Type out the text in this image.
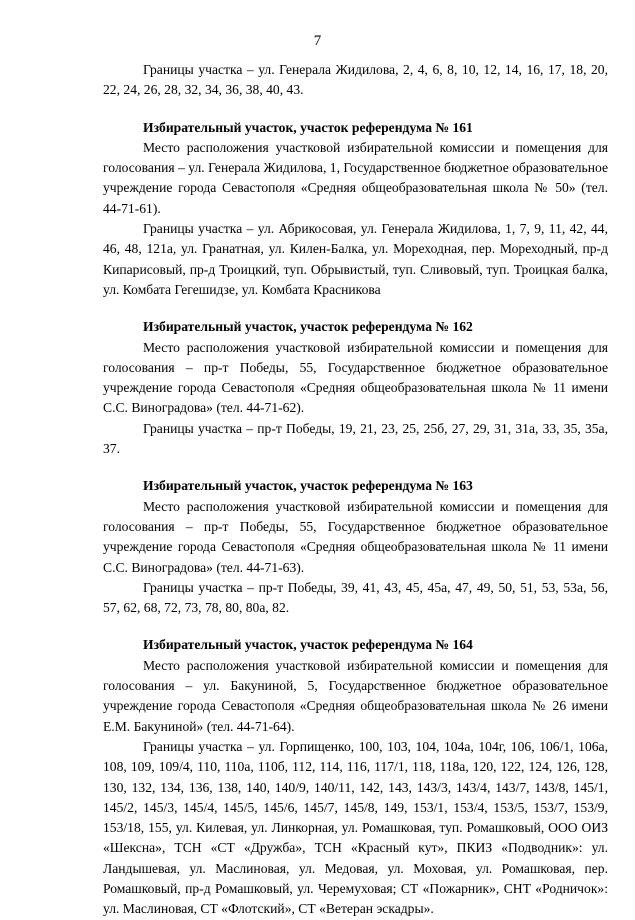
7

Границы участка – ул. Генерала Жидилова, 2, 4, 6, 8, 10, 12, 14, 16, 17, 18, 20, 22, 24, 26, 28, 32, 34, 36, 38, 40, 43.

Избирательный участок, участок референдума № 161

Место расположения участковой избирательной комиссии и помещения для голосования – ул. Генерала Жидилова, 1, Государственное бюджетное образовательное учреждение города Севастополя «Средняя общеобразовательная школа № 50» (тел. 44-71-61).

Границы участка – ул. Абрикосовая, ул. Генерала Жидилова, 1, 7, 9, 11, 42, 44, 46, 48, 121а, ул. Гранатная, ул. Килен-Балка, ул. Мореходная, пер. Мореходный, пр-д Кипарисовый, пр-д Троицкий, туп. Обрывистый, туп. Сливовый, туп. Троицкая балка, ул. Комбата Гегешидзе, ул. Комбата Красникова

Избирательный участок, участок референдума № 162

Место расположения участковой избирательной комиссии и помещения для голосования – пр-т Победы, 55, Государственное бюджетное образовательное учреждение города Севастополя «Средняя общеобразовательная школа № 11 имени С.С. Виноградова» (тел. 44-71-62).

Границы участка – пр-т Победы, 19, 21, 23, 25, 25б, 27, 29, 31, 31а, 33, 35, 35а, 37.

Избирательный участок, участок референдума № 163

Место расположения участковой избирательной комиссии и помещения для голосования – пр-т Победы, 55, Государственное бюджетное образовательное учреждение города Севастополя «Средняя общеобразовательная школа № 11 имени С.С. Виноградова» (тел. 44-71-63).

Границы участка – пр-т Победы, 39, 41, 43, 45, 45а, 47, 49, 50, 51, 53, 53а, 56, 57, 62, 68, 72, 73, 78, 80, 80а, 82.

Избирательный участок, участок референдума № 164

Место расположения участковой избирательной комиссии и помещения для голосования – ул. Бакуниной, 5, Государственное бюджетное образовательное учреждение города Севастополя «Средняя общеобразовательная школа № 26 имени Е.М. Бакуниной» (тел. 44-71-64).

Границы участка – ул. Горпищенко, 100, 103, 104, 104а, 104г, 106, 106/1, 106а, 108, 109, 109/4, 110, 110а, 110б, 112, 114, 116, 117/1, 118, 118а, 120, 122, 124, 126, 128, 130, 132, 134, 136, 138, 140, 140/9, 140/11, 142, 143, 143/3, 143/4, 143/7, 143/8, 145/1, 145/2, 145/3, 145/4, 145/5, 145/6, 145/7, 145/8, 149, 153/1, 153/4, 153/5, 153/7, 153/9, 153/18, 155, ул. Килевая, ул. Линкорная, ул. Ромашковая, туп. Ромашковый, ООО ОИЗ «Шексна», ТСН «СТ «Дружба», ТСН «Красный кут», ПКИЗ «Подводник»: ул. Ландышевая, ул. Маслиновая, ул. Медовая, ул. Моховая, ул. Ромашковая, пер. Ромашковый, пр-д Ромашковый, ул. Черемуховая; СТ «Пожарник», СНТ «Родничок»: ул. Маслиновая, СТ «Флотский», СТ «Ветеран эскадры».
